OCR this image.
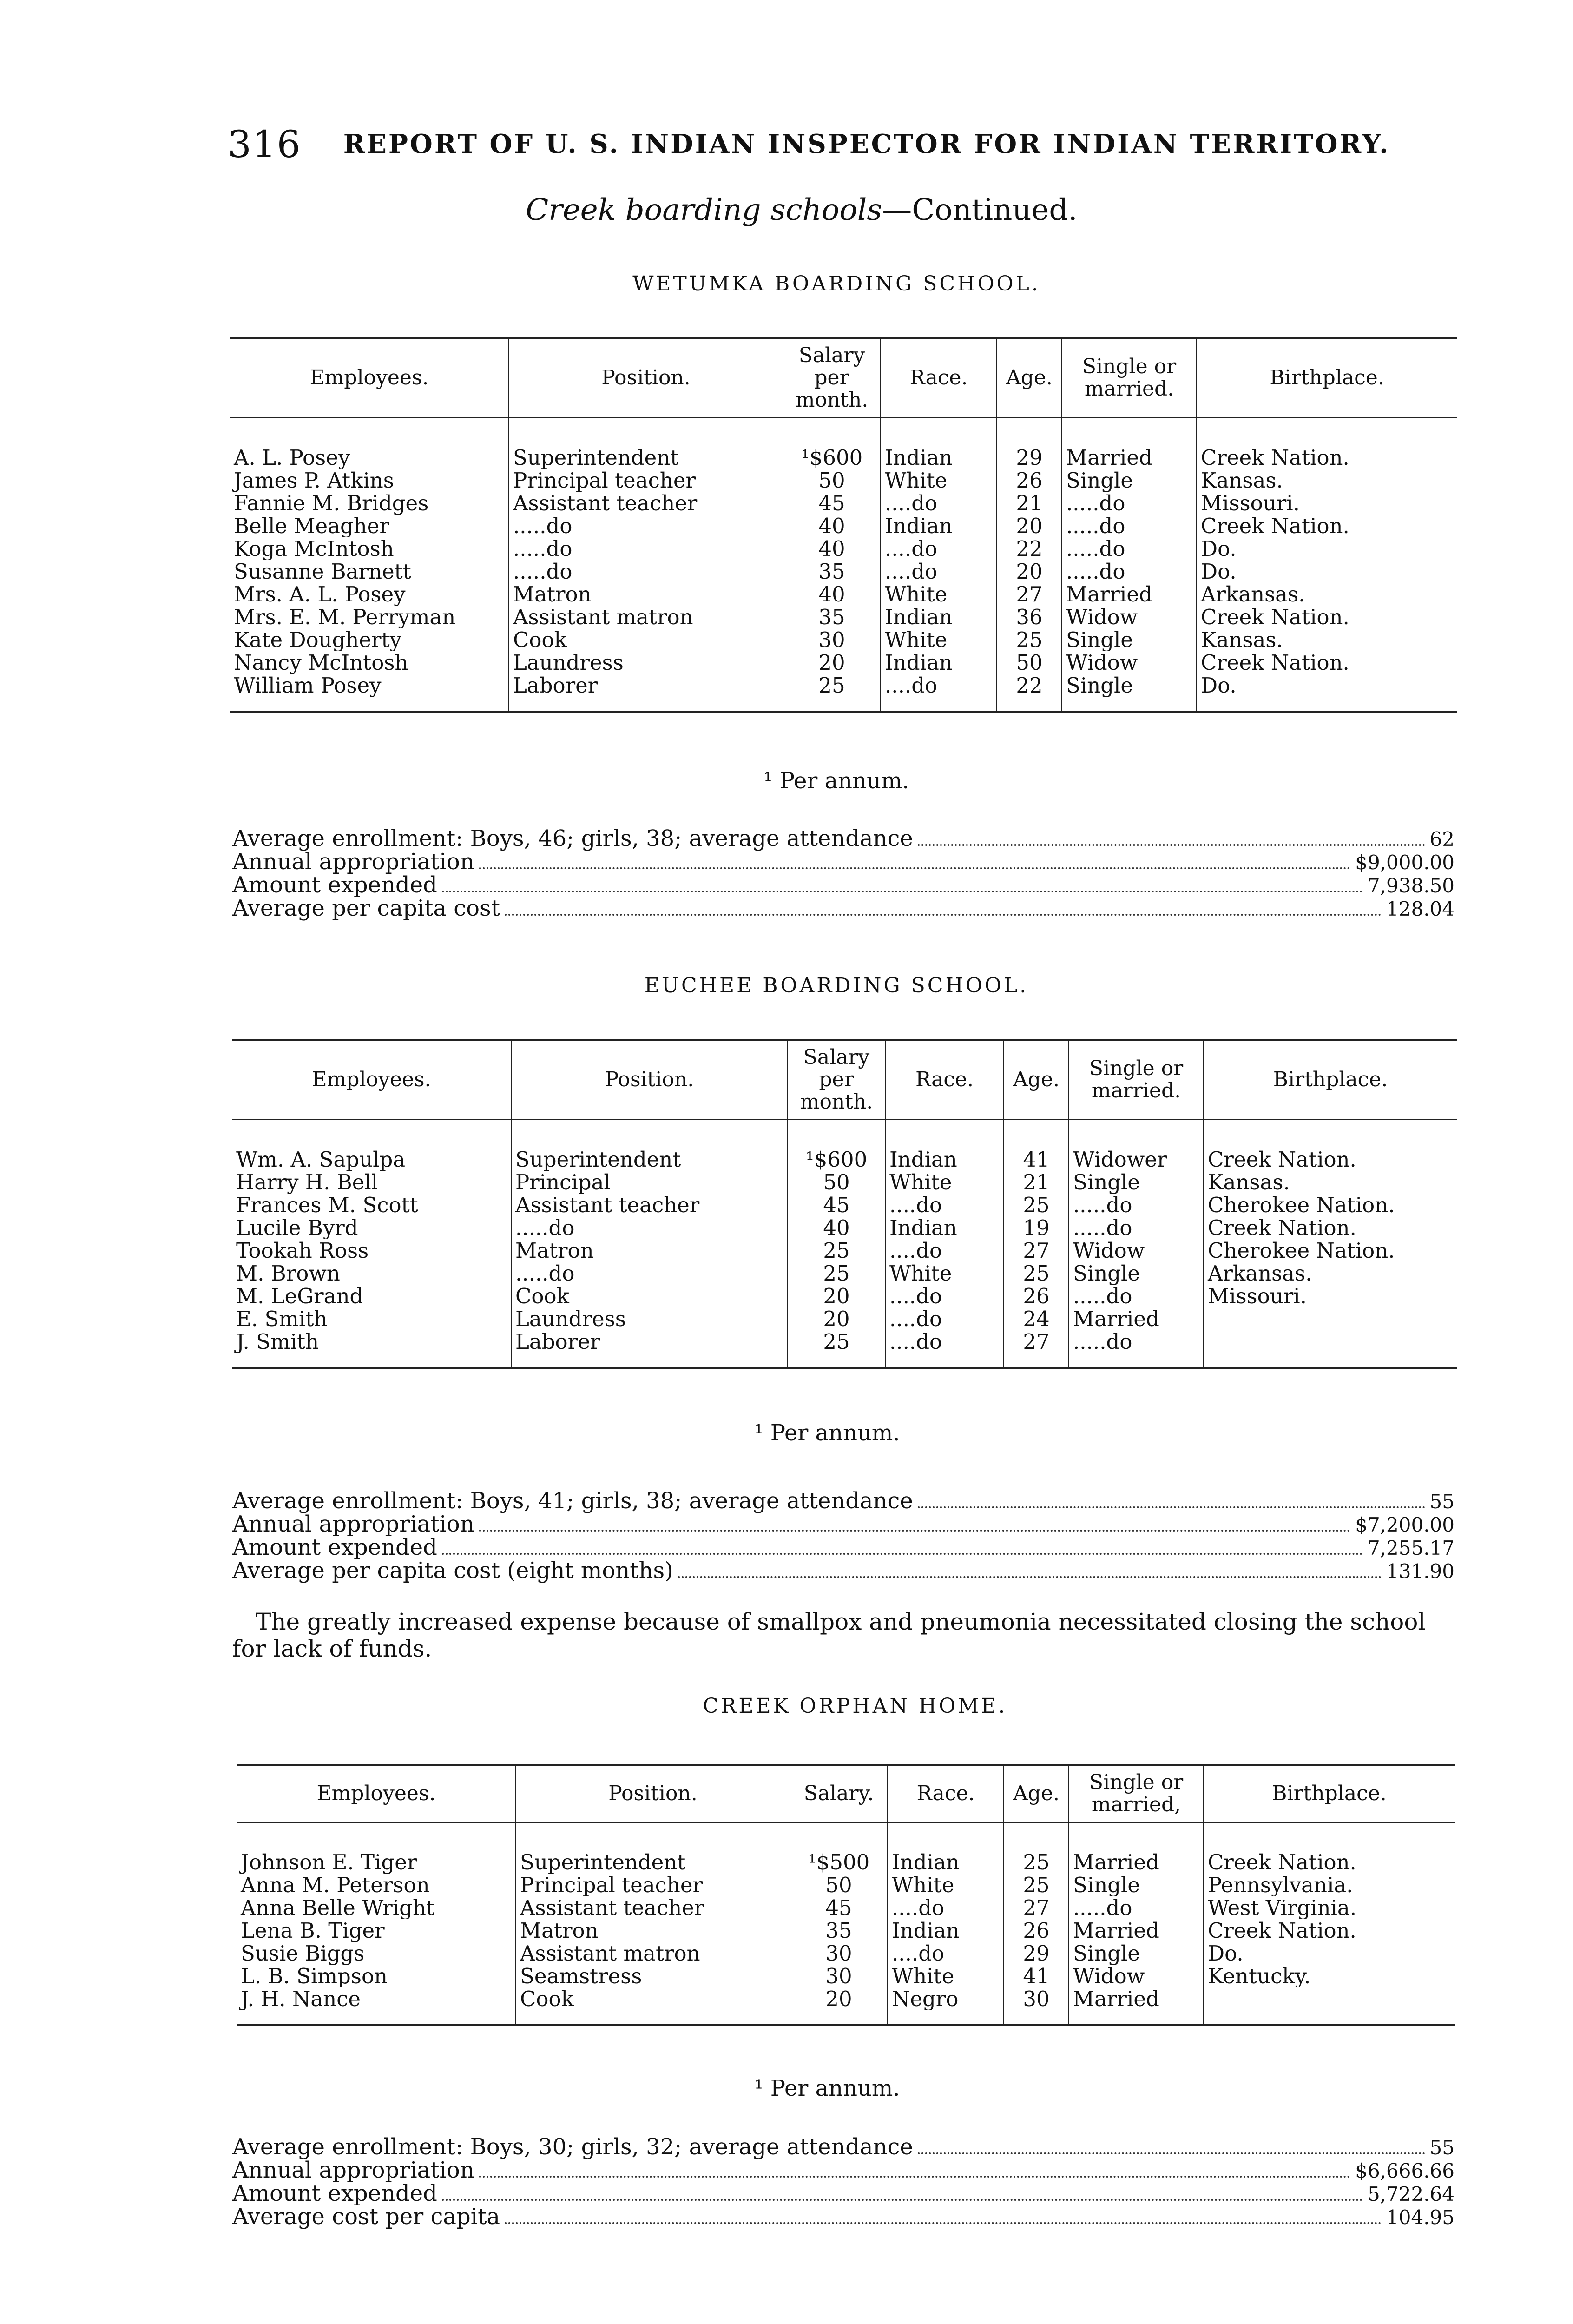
316 REPORT OF U. S. INDIAN INSPECTOR FOR INDIAN TERRITORY.
Creek boarding schools—Continued.
WETUMKA BOARDING SCHOOL.
Employees.	Position.	Salary per month.	Race.	Age.	Single or married.	Birthplace.

A. L. Posey	Superintendent	¹$600	Indian	29	Married	Creek Nation.
James P. Atkins	Principal teacher	50	White	26	Single	Kansas.
Fannie M. Bridges	Assistant teacher	45	....do	21	.....do	Missouri.
Belle Meagher	.....do	40	Indian	20	.....do	Creek Nation.
Koga McIntosh	.....do	40	....do	22	.....do	Do.
Susanne Barnett	.....do	35	....do	20	.....do	Do.
Mrs. A. L. Posey	Matron	40	White	27	Married	Arkansas.
Mrs. E. M. Perryman	Assistant matron	35	Indian	36	Widow	Creek Nation.
Kate Dougherty	Cook	30	White	25	Single	Kansas.
Nancy McIntosh	Laundress	20	Indian	50	Widow	Creek Nation.
William Posey	Laborer	25	....do	22	Single	Do.

¹ Per annum.
Average enrollment: Boys, 46; girls, 38; average attendance	62
Annual appropriation	$9,000.00
Amount expended	7,938.50
Average per capita cost	128.04
EUCHEE BOARDING SCHOOL.
Employees.	Position.	Salary per month.	Race.	Age.	Single or married.	Birthplace.

Wm. A. Sapulpa	Superintendent	¹$600	Indian	41	Widower	Creek Nation.
Harry H. Bell	Principal	50	White	21	Single	Kansas.
Frances M. Scott	Assistant teacher	45	....do	25	.....do	Cherokee Nation.
Lucile Byrd	.....do	40	Indian	19	.....do	Creek Nation.
Tookah Ross	Matron	25	....do	27	Widow	Cherokee Nation.
M. Brown	.....do	25	White	25	Single	Arkansas.
M. LeGrand	Cook	20	....do	26	.....do	Missouri.
E. Smith	Laundress	20	....do	24	Married	
J. Smith	Laborer	25	....do	27	.....do	

¹ Per annum.
Average enrollment: Boys, 41; girls, 38; average attendance	55
Annual appropriation	$7,200.00
Amount expended	7,255.17
Average per capita cost (eight months)	131.90
The greatly increased expense because of smallpox and pneumonia necessitated closing the school for lack of funds.
CREEK ORPHAN HOME.
Employees.	Position.	Salary.	Race.	Age.	Single or married,	Birthplace.

Johnson E. Tiger	Superintendent	¹$500	Indian	25	Married	Creek Nation.
Anna M. Peterson	Principal teacher	50	White	25	Single	Pennsylvania.
Anna Belle Wright	Assistant teacher	45	....do	27	.....do	West Virginia.
Lena B. Tiger	Matron	35	Indian	26	Married	Creek Nation.
Susie Biggs	Assistant matron	30	....do	29	Single	Do.
L. B. Simpson	Seamstress	30	White	41	Widow	Kentucky.
J. H. Nance	Cook	20	Negro	30	Married	

¹ Per annum.
Average enrollment: Boys, 30; girls, 32; average attendance	55
Annual appropriation	$6,666.66
Amount expended	5,722.64
Average cost per capita	104.95
